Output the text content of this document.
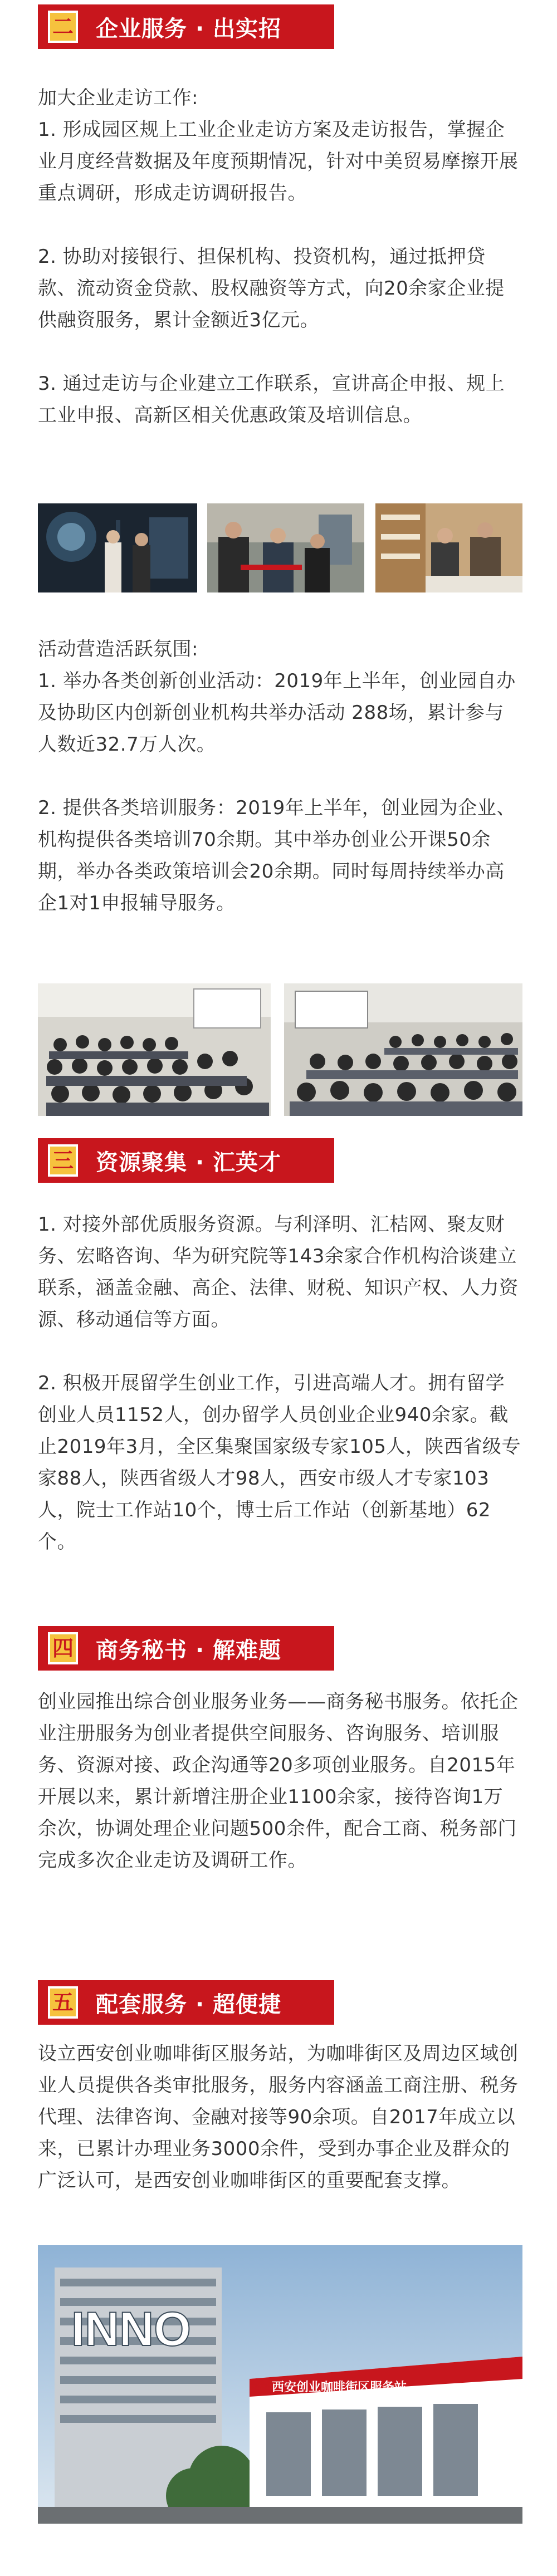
二 企业服务 · 出实招

加大企业走访工作:

1. 形成园区规上工业企业走访方案及走访报告，掌握企业月度经营数据及年度预期情况，针对中美贸易摩擦开展重点调研，形成走访调研报告。

2. 协助对接银行、担保机构、投资机构，通过抵押贷款、流动资金贷款、股权融资等方式，向20余家企业提供融资服务，累计金额近3亿元。

3. 通过走访与企业建立工作联系，宣讲高企申报、规上工业申报、高新区相关优惠政策及培训信息。

活动营造活跃氛围:

1. 举办各类创新创业活动：2019年上半年，创业园自办及协助区内创新创业机构共举办活动 288场，累计参与人数近32.7万人次。

2. 提供各类培训服务：2019年上半年，创业园为企业、机构提供各类培训70余期。其中举办创业公开课50余期，举办各类政策培训会20余期。同时每周持续举办高企1对1申报辅导服务。

三 资源聚集 · 汇英才

1. 对接外部优质服务资源。与利泽明、汇桔网、聚友财务、宏略咨询、华为研究院等143余家合作机构洽谈建立联系，涵盖金融、高企、法律、财税、知识产权、人力资源、移动通信等方面。

2. 积极开展留学生创业工作，引进高端人才。拥有留学创业人员1152人，创办留学人员创业企业940余家。截止2019年3月，全区集聚国家级专家105人，陕西省级专家88人，陕西省级人才98人，西安市级人才专家103人，院士工作站10个，博士后工作站（创新基地）62个。

四 商务秘书 · 解难题

创业园推出综合创业服务业务——商务秘书服务。依托企业注册服务为创业者提供空间服务、咨询服务、培训服务、资源对接、政企沟通等20多项创业服务。自2015年开展以来，累计新增注册企业1100余家，接待咨询1万余次，协调处理企业问题500余件，配合工商、税务部门完成多次企业走访及调研工作。

五 配套服务 · 超便捷

设立西安创业咖啡街区服务站，为咖啡街区及周边区域创业人员提供各类审批服务，服务内容涵盖工商注册、税务代理、法律咨询、金融对接等90余项。自2017年成立以来，已累计办理业务3000余件，受到办事企业及群众的广泛认可，是西安创业咖啡街区的重要配套支撑。

INNO
西安创业咖啡街区服务站
